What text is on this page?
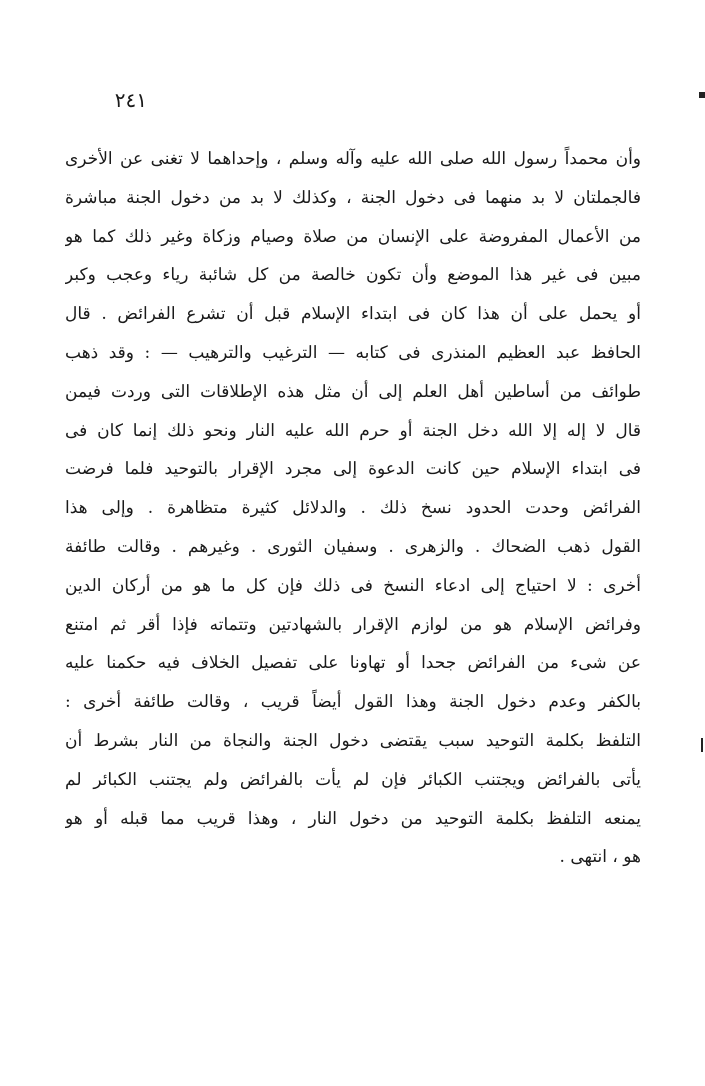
٢٤١
وأن محمداً رسول الله صلى الله عليه وآله وسلم ، وإحداهما لا تغنى عن الأخرى
فالجملتان لا بد منهما فى دخول الجنة ، وكذلك لا بد من دخول الجنة مباشرة
من الأعمال المفروضة على الإنسان من صلاة وصيام وزكاة وغير ذلك كما هو
مبين فى غير هذا الموضع وأن تكون خالصة من كل شائبة رياء وعجب وكبر
أو يحمل على أن هذا كان فى ابتداء الإسلام قبل أن تشرع الفرائض . قال
الحافظ عبد العظيم المنذرى فى كتابه — الترغيب والترهيب — : وقد ذهب
طوائف من أساطين أهل العلم إلى أن مثل هذه الإطلاقات التى وردت فيمن
قال لا إله إلا الله دخل الجنة أو حرم الله عليه النار ونحو ذلك إنما كان فى
فى ابتداء الإسلام حين كانت الدعوة إلى مجرد الإقرار بالتوحيد فلما فرضت
الفرائض وحدت الحدود نسخ ذلك . والدلائل كثيرة متظاهرة . وإلى هذا
القول ذهب الضحاك . والزهرى . وسفيان الثورى . وغيرهم . وقالت طائفة
أخرى : لا احتياج إلى ادعاء النسخ فى ذلك فإن كل ما هو من أركان الدين
وفرائض الإسلام هو من لوازم الإقرار بالشهادتين وتتماته فإذا أقر ثم امتنع
عن شىء من الفرائض جحدا أو تهاونا على تفصيل الخلاف فيه حكمنا عليه
بالكفر وعدم دخول الجنة وهذا القول أيضاً قريب ، وقالت طائفة أخرى :
التلفظ بكلمة التوحيد سبب يقتضى دخول الجنة والنجاة من النار بشرط أن
يأتى بالفرائض ويجتنب الكبائر فإن لم يأت بالفرائض ولم يجتنب الكبائر لم
يمنعه التلفظ بكلمة التوحيد من دخول النار ، وهذا قريب مما قبله أو هو
هو ، انتهى .
